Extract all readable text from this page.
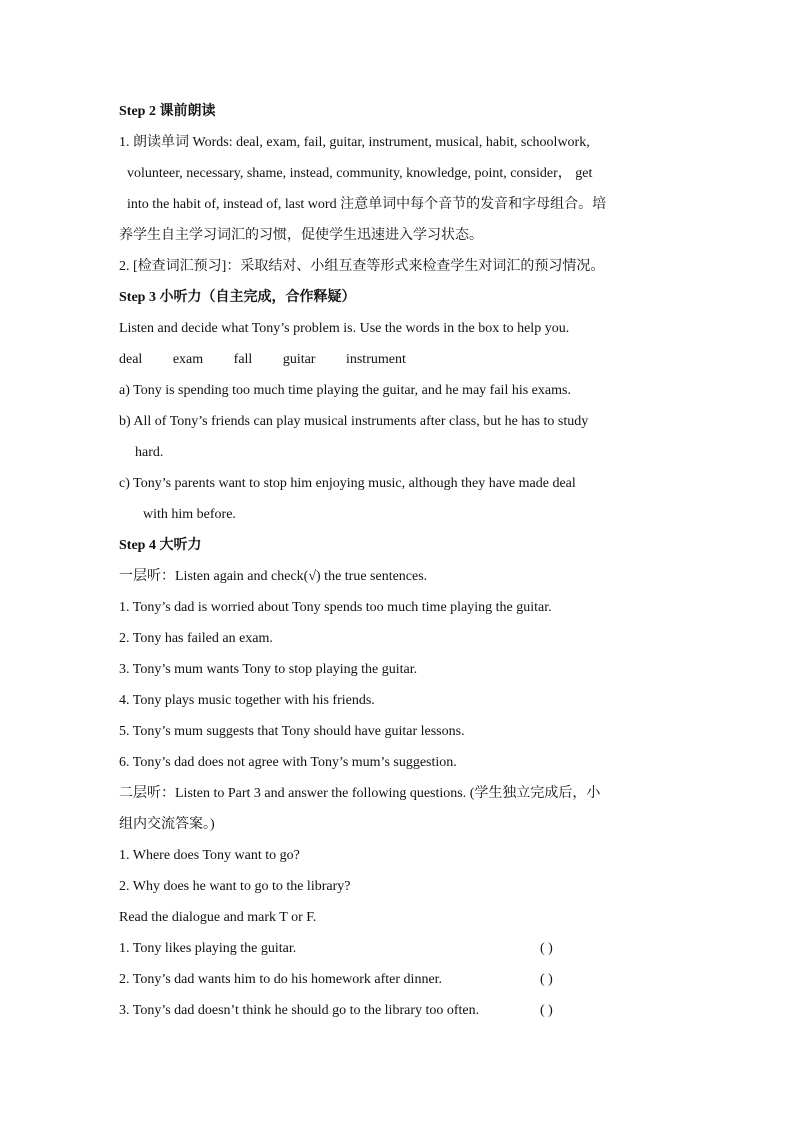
Step 2 课前朗读
1. 朗读单词 Words: deal, exam, fail, guitar, instrument, musical, habit, schoolwork,
volunteer, necessary, shame, instead, community, knowledge, point, consider， get
into the habit of, instead of, last word 注意单词中每个音节的发音和字母组合。培
养学生自主学习词汇的习惯，促使学生迅速进入学习状态。
2. [检查词汇预习]：采取结对、小组互查等形式来检查学生对词汇的预习情况。
Step 3 小听力（自主完成，合作释疑）
Listen and decide what Tony’s problem is. Use the words in the box to help you.
deal exam fall guitar instrument
a) Tony is spending too much time playing the guitar, and he may fail his exams.
b) All of Tony’s friends can play musical instruments after class, but he has to study
hard.
c) Tony’s parents want to stop him enjoying music, although they have made deal
with him before.
Step 4 大听力
一层听：Listen again and check(√) the true sentences.
1. Tony’s dad is worried about Tony spends too much time playing the guitar.
2. Tony has failed an exam.
3. Tony’s mum wants Tony to stop playing the guitar.
4. Tony plays music together with his friends.
5. Tony’s mum suggests that Tony should have guitar lessons.
6. Tony’s dad does not agree with Tony’s mum’s suggestion.
二层听：Listen to Part 3 and answer the following questions. (学生独立完成后，小
组内交流答案。)
1. Where does Tony want to go?
2. Why does he want to go to the library?
Read the dialogue and mark T or F.
1. Tony likes playing the guitar.	( )
2. Tony’s dad wants him to do his homework after dinner.	( )
3. Tony’s dad doesn’t think he should go to the library too often.	( )
